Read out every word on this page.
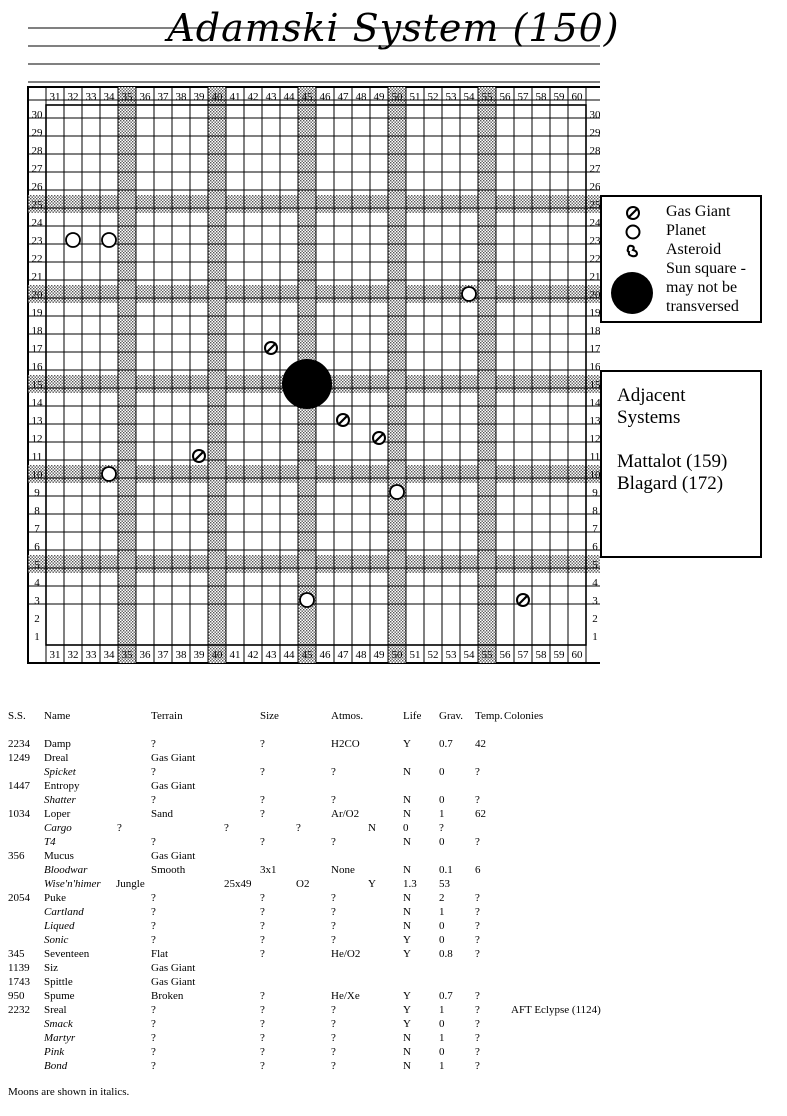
Adamski System (150)
31
31
32
32
33
33
34
34
35
35
36
36
37
37
38
38
39
39
40
40
41
41
42
42
43
43
44
44
45
45
46
46
47
47
48
48
49
49
50
50
51
51
52
52
53
53
54
54
55
55
56
56
57
57
58
58
59
59
60
60
30	30
29	29
28	28
27	27
26	26
25	25
24	24
23	23
22	22
21	21
20	20
19	19
18	18
17	17
16	16
15	15
14	14
13	13
12	12
11	11
10	10
9	9
8	8
7	7
6	6
5	5
4	4
3	3
2	2
1	1
Gas Giant
Planet
Asteroid
Sun square -
may not be
transversed
Adjacent
Systems
Mattalot (159)
Blagard (172)
S.S. Name	Terrain	Size	Atmos.	Life Grav. Temp. Colonies
2234 Damp	?	?	H2CO	Y	0.7 42
1249 Dreal	Gas Giant
Spicket	?	?	?	N	0	?
1447 Entropy	Gas Giant
Shatter	?	?	?	N	0	?
1034 Loper	Sand	?	Ar/O2	N	1	62
Cargo	?	?	?	N 0	?
T4	?	?	?	N	0	?
356 Mucus	Gas Giant
Bloodwar	Smooth	3x1	None	N	0.1 6
Wise'n'himer Jungle	25x49	O2	Y 1.3 53
2054 Puke	?	?	?	N	2	?
Cartland	?	?	?	N	1	?
Liqued	?	?	?	N	0	?
Sonic	?	?	?	Y	0	?
345 Seventeen	Flat	?	He/O2	Y	0.8 ?
1139 Siz	Gas Giant
1743 Spittle	Gas Giant
950 Spume	Broken	?	He/Xe	Y	0.7 ?
2232 Sreal	?	?	?	Y	1	?	AFT Eclypse (1124)
Smack	?	?	?	Y	0	?
Martyr	?	?	?	N	1	?
Pink	?	?	?	N	0	?
Bond	?	?	?	N	1	?
Moons are shown in italics.
